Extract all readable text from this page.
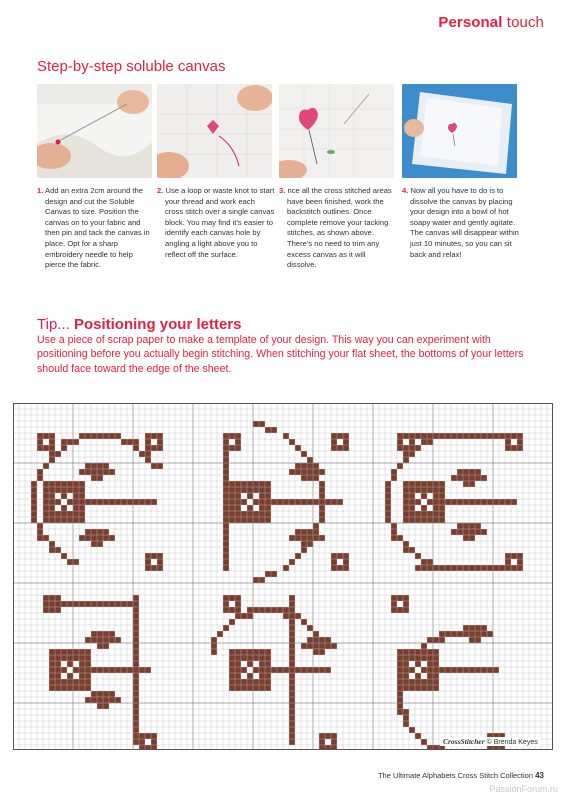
Personal touch
Step-by-step soluble canvas

1. Add an extra 2cm around the design and cut the Soluble Canvas to size. Position the canvas on to your fabric and then pin and tack the canvas in place. Opt for a sharp embroidery needle to help pierce the fabric.

2. Use a loop or waste knot to start your thread and work each cross stitch over a single canvas block. You may find it’s easier to identify each canvas hole by angling a light above you to reflect off the surface.

3. nce all the cross stitched areas have been finished, work the backstitch outlines. Once complete remove your tacking stitches, as shown above. There’s no need to trim any excess canvas as it will dissolve.

4. Now all you have to do is to dissolve the canvas by placing your design into a bowl of hot soapy water and gently agitate. The canvas will disappear within just 10 minutes, so you can sit back and relax!

Tip... Positioning your letters
Use a piece of scrap paper to make a template of your design. This way you can experiment with positioning before you actually begin stitching. When stitching your flat sheet, the bottoms of your letters should face toward the edge of the sheet.
CrossStitcher © Brenda Keyes
The Ultimate Alphabets Cross Stitch Collection 43
PassionForum.ru
